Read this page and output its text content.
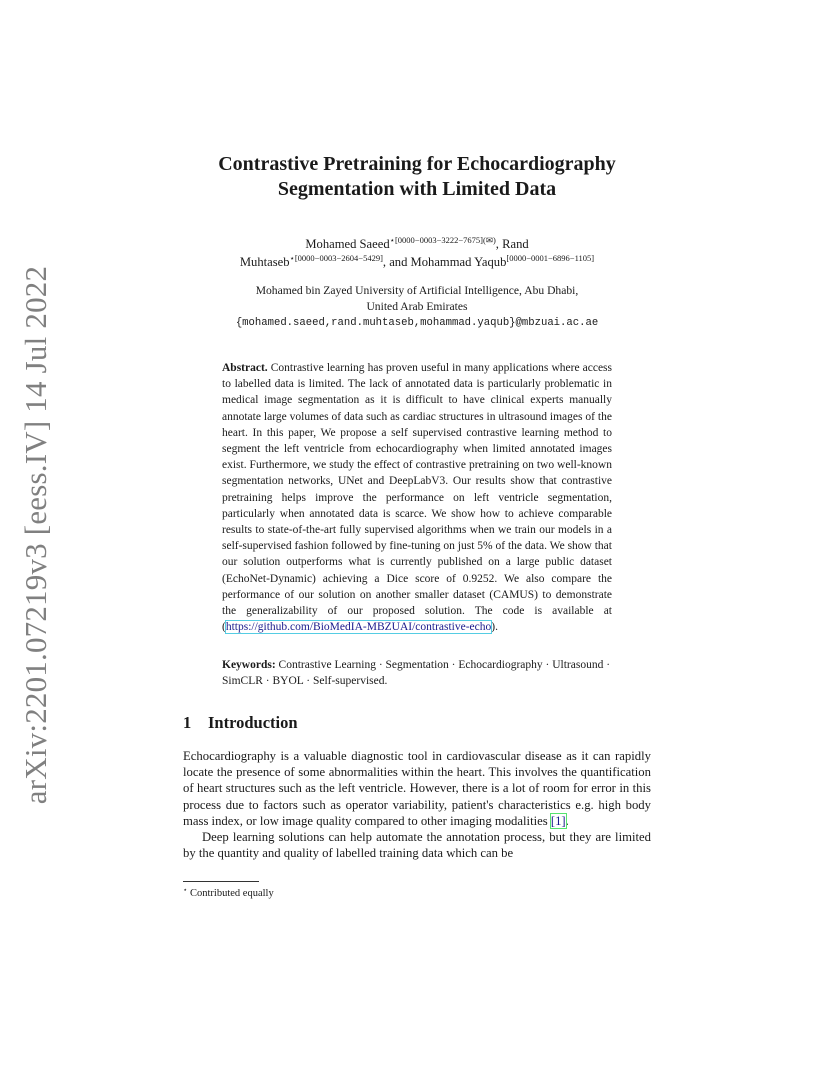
arXiv:2201.07219v3 [eess.IV] 14 Jul 2022
Contrastive Pretraining for Echocardiography
Segmentation with Limited Data
Mohamed Saeed$^{⋆[0000-0003-3222-7675](✉)}$, Rand
Muhtaseb$^{⋆[0000-0003-2604-5429]}$, and Mohammad Yaqub[0000−0001−6896−1105]
Mohamed bin Zayed University of Artificial Intelligence, Abu Dhabi,
United Arab Emirates
{mohamed.saeed,rand.muhtaseb,mohammad.yaqub}@mbzuai.ac.ae
Abstract. Contrastive learning has proven useful in many applications where access to labelled data is limited. The lack of annotated data is particularly problematic in medical image segmentation as it is difficult to have clinical experts manually annotate large volumes of data such as cardiac structures in ultrasound images of the heart. In this paper, We propose a self supervised contrastive learning method to segment the left ventricle from echocardiography when limited annotated images exist. Furthermore, we study the effect of contrastive pretraining on two well-known segmentation networks, UNet and DeepLabV3. Our results show that contrastive pretraining helps improve the performance on left ventricle segmentation, particularly when annotated data is scarce. We show how to achieve comparable results to state-of-the-art fully supervised algorithms when we train our models in a self-supervised fashion followed by fine-tuning on just 5% of the data. We show that our solution outperforms what is currently published on a large public dataset (EchoNet-Dynamic) achieving a Dice score of 0.9252. We also compare the performance of our solution on another smaller dataset (CAMUS) to demonstrate the generalizability of our proposed solution. The code is available at (https://github.com/BioMedIA-MBZUAI/contrastive-echo).
Keywords: Contrastive Learning · Segmentation · Echocardiography · Ultrasound · SimCLR · BYOL · Self-supervised.
1 Introduction

Echocardiography is a valuable diagnostic tool in cardiovascular disease as it can rapidly locate the presence of some abnormalities within the heart. This involves the quantification of heart structures such as the left ventricle. However, there is a lot of room for error in this process due to factors such as operator variability, patient's characteristics e.g. high body mass index, or low image quality compared to other imaging modalities [1].

Deep learning solutions can help automate the annotation process, but they are limited by the quantity and quality of labelled training data which can be

⋆ Contributed equally
